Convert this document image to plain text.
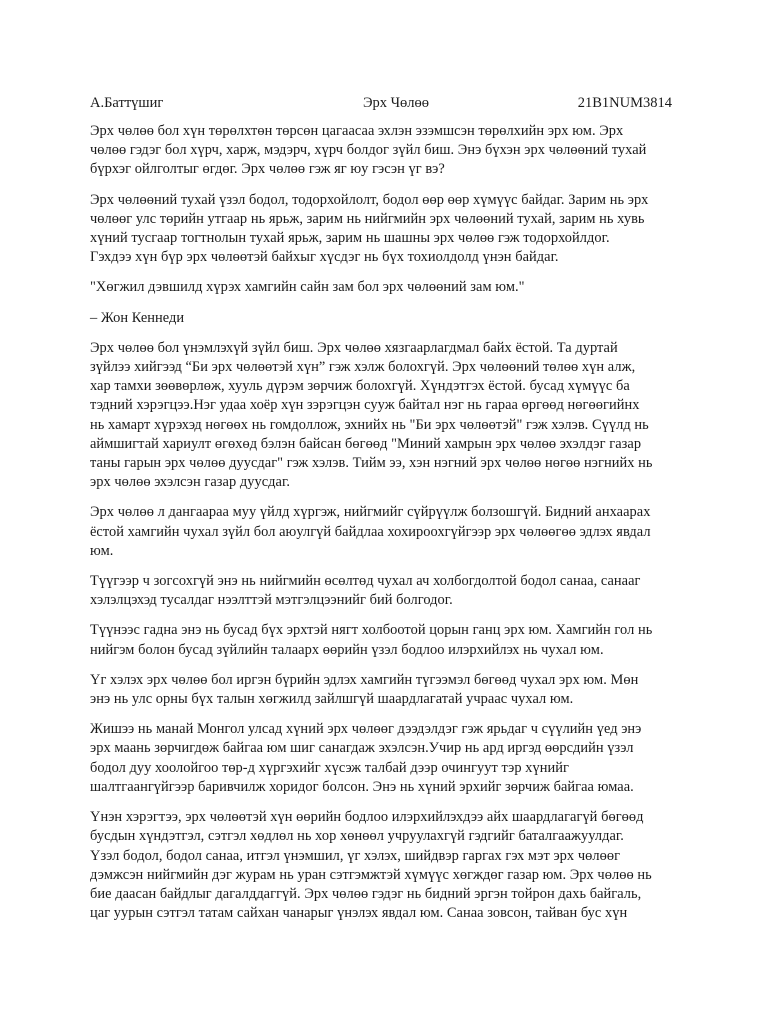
А.Баттүшиг	Эрх Чөлөө	21B1NUM3814
Эрх чөлөө бол хүн төрөлхтөн төрсөн цагаасаа эхлэн эзэмшсэн төрөлхийн эрх юм. Эрх
чөлөө гэдэг бол хүрч, харж, мэдэрч, хүрч болдог зүйл биш. Энэ бүхэн эрх чөлөөний тухай
бүрхэг ойлголтыг өгдөг. Эрх чөлөө гэж яг юу гэсэн үг вэ?
Эрх чөлөөний тухай үзэл бодол, тодорхойлолт, бодол өөр өөр хүмүүс байдаг. Зарим нь эрх
чөлөөг улс төрийн утгаар нь ярьж, зарим нь нийгмийн эрх чөлөөний тухай, зарим нь хувь
хүний тусгаар тогтнолын тухай ярьж, зарим нь шашны эрх чөлөө гэж тодорхойлдог.
Гэхдээ хүн бүр эрх чөлөөтэй байхыг хүсдэг нь бүх тохиолдолд үнэн байдаг.
"Хөгжил дэвшилд хүрэх хамгийн сайн зам бол эрх чөлөөний зам юм."
– Жон Кеннеди
Эрх чөлөө бол үнэмлэхүй зүйл биш. Эрх чөлөө хязгаарлагдмал байх ёстой. Та дуртай
зүйлээ хийгээд “Би эрх чөлөөтэй хүн” гэж хэлж болохгүй. Эрх чөлөөний төлөө хүн алж,
хар тамхи зөөвөрлөж, хууль дүрэм зөрчиж болохгүй. Хүндэтгэх ёстой. бусад хүмүүс ба
тэдний хэрэгцээ.Нэг удаа хоёр хүн зэрэгцэн сууж байтал нэг нь гараа өргөөд нөгөөгийнх
нь хамарт хүрэхэд нөгөөх нь гомдоллож, эхнийх нь "Би эрх чөлөөтэй" гэж хэлэв. Сүүлд нь
аймшигтай хариулт өгөхөд бэлэн байсан бөгөөд "Миний хамрын эрх чөлөө эхэлдэг газар
таны гарын эрх чөлөө дуусдаг" гэж хэлэв. Тийм ээ, хэн нэгний эрх чөлөө нөгөө нэгнийх нь
эрх чөлөө эхэлсэн газар дуусдаг.
Эрх чөлөө л дангаараа муу үйлд хүргэж, нийгмийг сүйрүүлж болзошгүй. Бидний анхаарах
ёстой хамгийн чухал зүйл бол аюулгүй байдлаа хохироохгүйгээр эрх чөлөөгөө эдлэх явдал
юм.
Түүгээр ч зогсохгүй энэ нь нийгмийн өсөлтөд чухал ач холбогдолтой бодол санаа, санааг
хэлэлцэхэд тусалдаг нээлттэй мэтгэлцээнийг бий болгодог.
Түүнээс гадна энэ нь бусад бүх эрхтэй нягт холбоотой цорын ганц эрх юм. Хамгийн гол нь
нийгэм болон бусад зүйлийн талаарх өөрийн үзэл бодлоо илэрхийлэх нь чухал юм.
Үг хэлэх эрх чөлөө бол иргэн бүрийн эдлэх хамгийн түгээмэл бөгөөд чухал эрх юм. Мөн
энэ нь улс орны бүх талын хөгжилд зайлшгүй шаардлагатай учраас чухал юм.
Жишээ нь манай Монгол улсад хүний эрх чөлөөг дээдэлдэг гэж ярьдаг ч сүүлийн үед энэ
эрх маань зөрчигдөж байгаа юм шиг санагдаж эхэлсэн.Учир нь ард иргэд өөрсдийн үзэл
бодол дуу хоолойгоо төр-д хүргэхийг хүсэж талбай дээр очингуут тэр хүнийг
шалтгаангүйгээр баривчилж хоридог болсон. Энэ нь хүний эрхийг зөрчиж байгаа юмаа.
Үнэн хэрэгтээ, эрх чөлөөтэй хүн өөрийн бодлоо илэрхийлэхдээ айх шаардлагагүй бөгөөд
бусдын хүндэтгэл, сэтгэл хөдлөл нь хор хөнөөл учруулахгүй гэдгийг баталгаажуулдаг.
Үзэл бодол, бодол санаа, итгэл үнэмшил, үг хэлэх, шийдвэр гаргах гэх мэт эрх чөлөөг
дэмжсэн нийгмийн дэг журам нь уран сэтгэмжтэй хүмүүс хөгждөг газар юм. Эрх чөлөө нь
бие даасан байдлыг дагалддаггүй. Эрх чөлөө гэдэг нь бидний эргэн тойрон дахь байгаль,
цаг уурын сэтгэл татам сайхан чанарыг үнэлэх явдал юм. Санаа зовсон, тайван бус хүн
